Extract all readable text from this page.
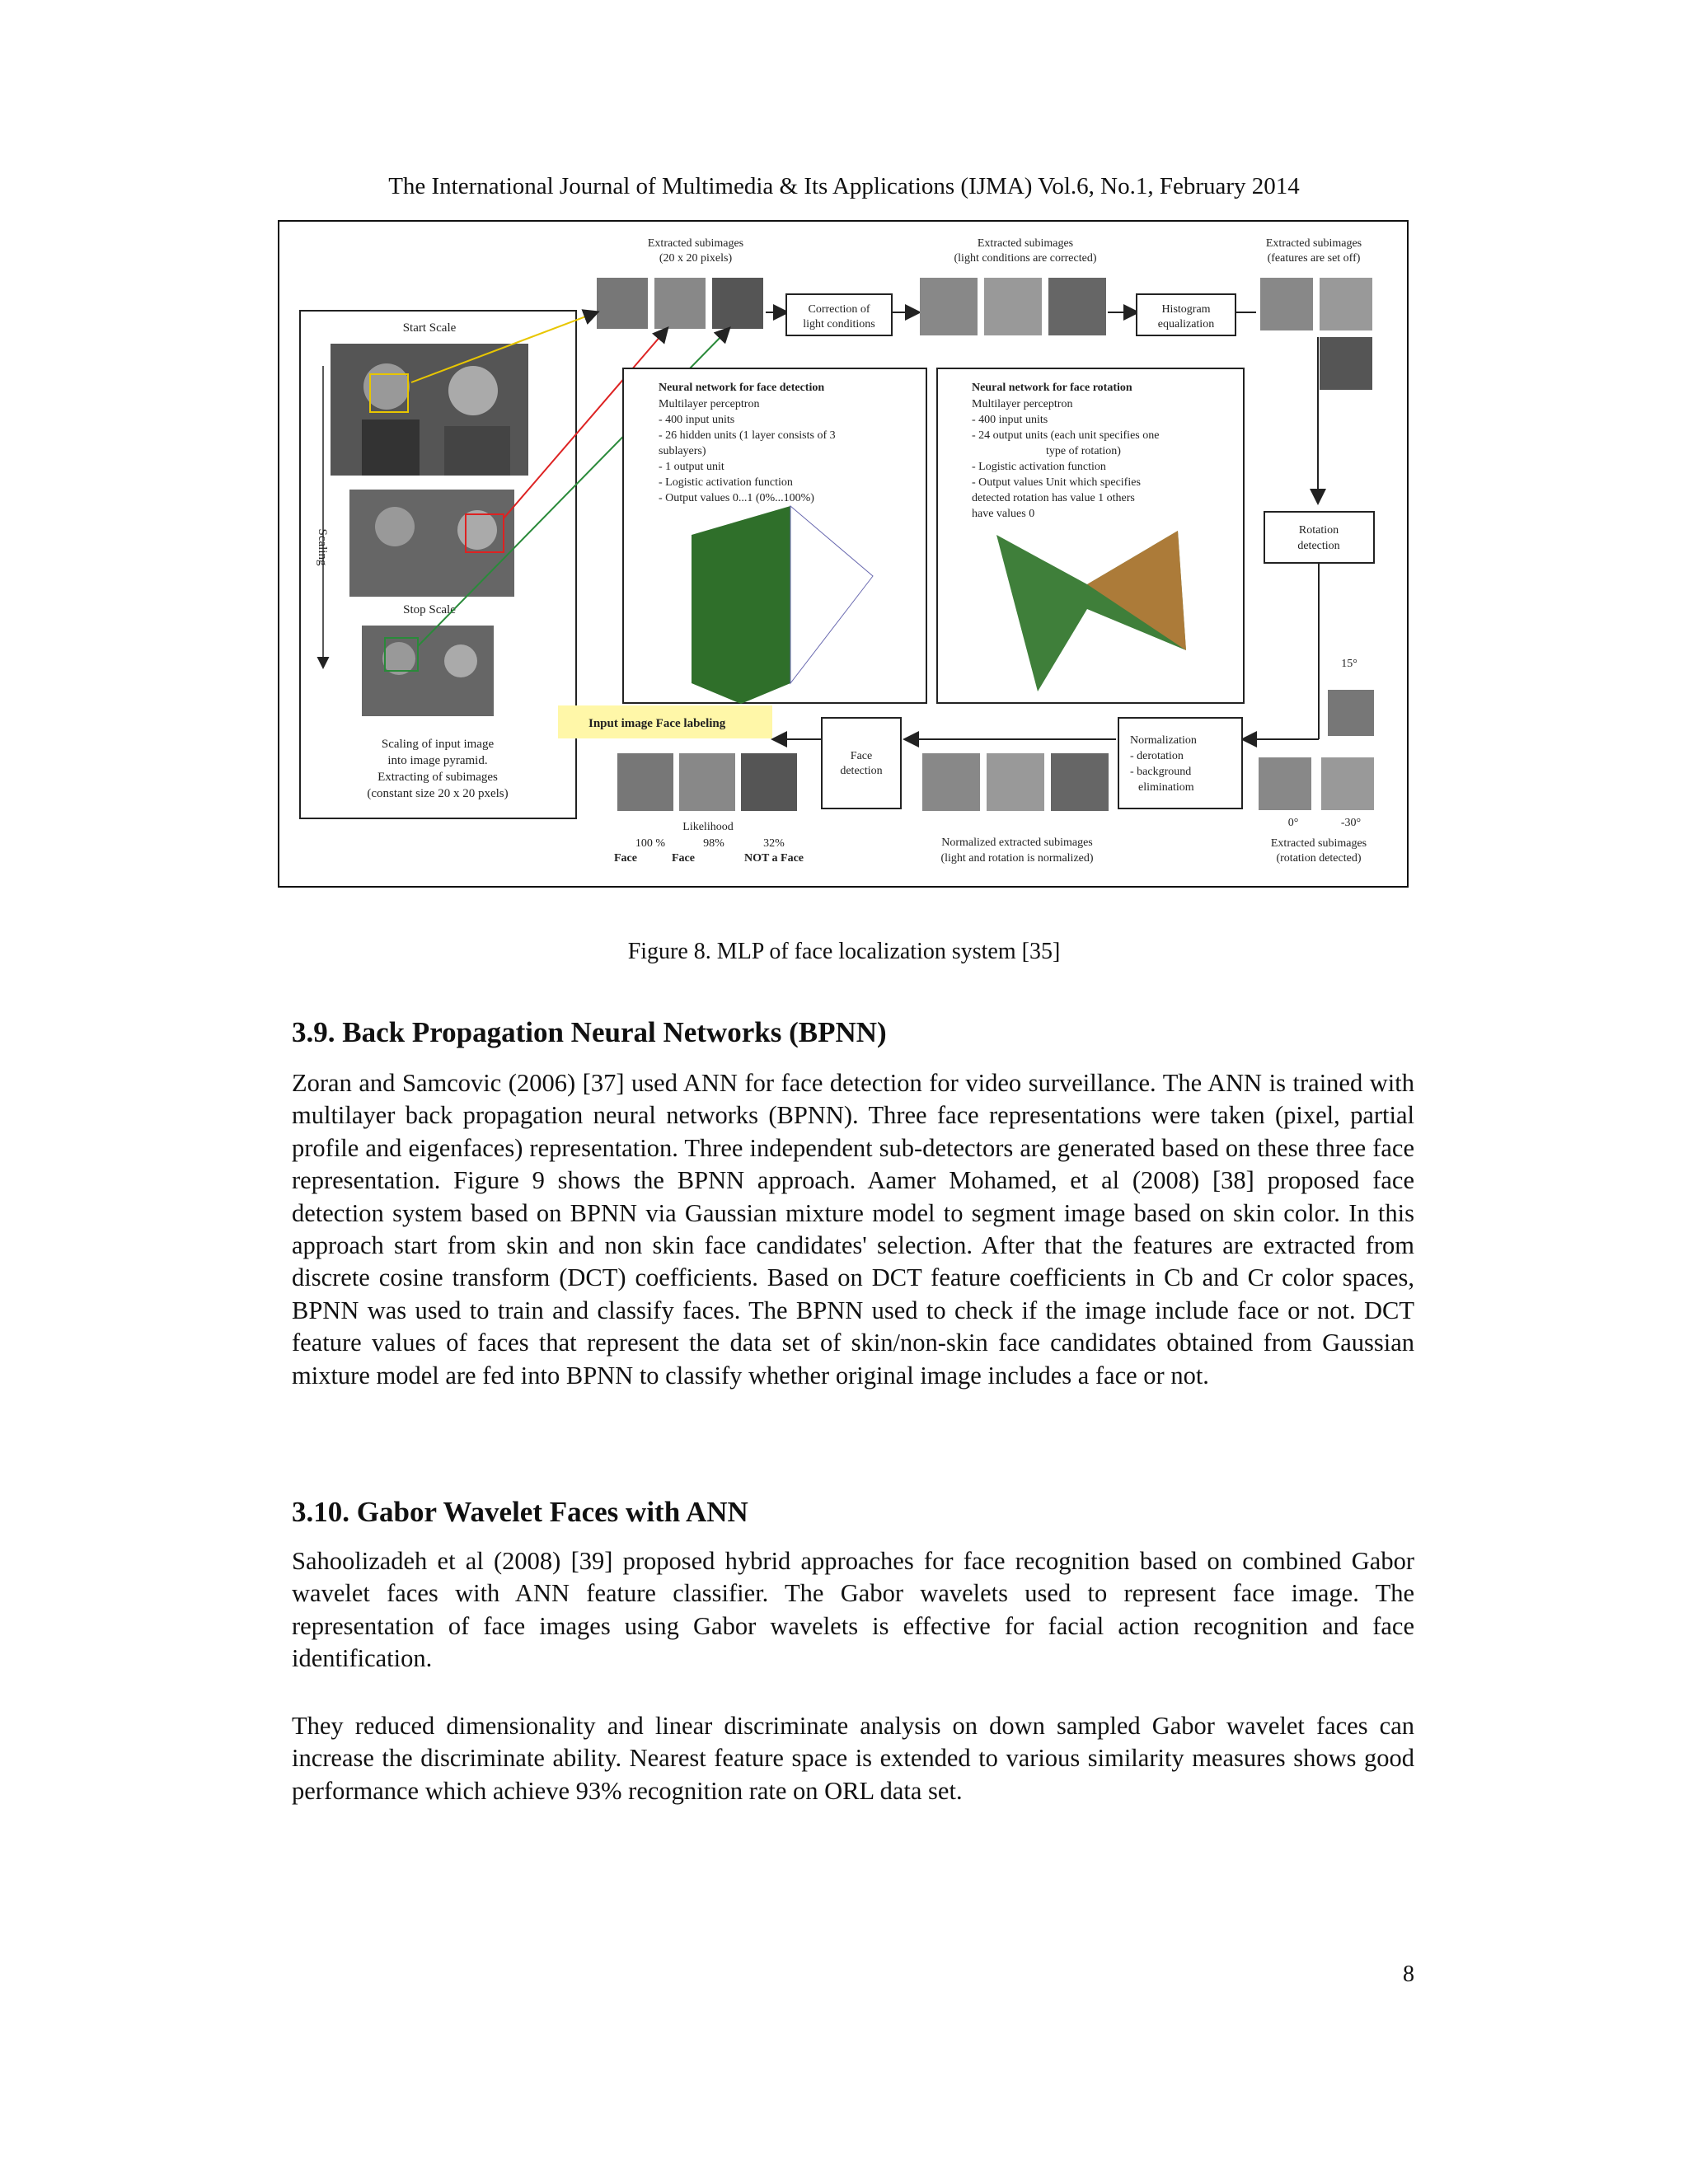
The International Journal of Multimedia & Its Applications (IJMA) Vol.6, No.1, February 2014
Start Scale
Stop Scale
Scaling
Scaling of input image
into image pyramid.
Extracting of subimages
(constant size 20 x 20 pxels)
Extracted subimages
(20 x 20 pixels)
Correction of
light conditions
Extracted subimages
(light conditions are corrected)
Histogram
equalization
Extracted subimages
(features are set off)
Rotation
detection
15°
0°	-30°
Extracted subimages
(rotation detected)
Neural network for face detection
Multilayer perceptron
- 400 input units
- 26 hidden units (1 layer consists of 3
sublayers)
- 1 output unit
- Logistic activation function
- Output values 0...1 (0%...100%)
Neural network for face rotation
Multilayer perceptron
- 400 input units
- 24 output units (each unit specifies one
type of rotation)
- Logistic activation function
- Output values Unit which specifies
detected rotation has value 1 others
have values 0
Input image Face labeling
Face
detection
Normalization
- derotation
- background
eliminatiom
Likelihood
100 %	98%	32%
Face	Face	NOT a Face
Normalized extracted subimages
(light and rotation is normalized)
Figure 8. MLP of face localization system [35]
3.9. Back Propagation Neural Networks (BPNN)

Zoran and Samcovic (2006) [37] used ANN for face detection for video surveillance. The ANN is trained with multilayer back propagation neural networks (BPNN). Three face representations were taken (pixel, partial profile and eigenfaces) representation. Three independent sub-detectors are generated based on these three face representation. Figure 9 shows the BPNN approach. Aamer Mohamed, et al (2008) [38] proposed face detection system based on BPNN via Gaussian mixture model to segment image based on skin color. In this approach start from skin and non skin face candidates' selection. After that the features are extracted from discrete cosine transform (DCT) coefficients. Based on DCT feature coefficients in Cb and Cr color spaces, BPNN was used to train and classify faces. The BPNN used to check if the image include face or not. DCT feature values of faces that represent the data set of skin/non-skin face candidates obtained from Gaussian mixture model are fed into BPNN to classify whether original image includes a face or not.

3.10. Gabor Wavelet Faces with ANN

Sahoolizadeh et al (2008) [39] proposed hybrid approaches for face recognition based on combined Gabor wavelet faces with ANN feature classifier. The Gabor wavelets used to represent face image. The representation of face images using Gabor wavelets is effective for facial action recognition and face identification.

They reduced dimensionality and linear discriminate analysis on down sampled Gabor wavelet faces can increase the discriminate ability. Nearest feature space is extended to various similarity measures shows good performance which achieve 93% recognition rate on ORL data set.

8
